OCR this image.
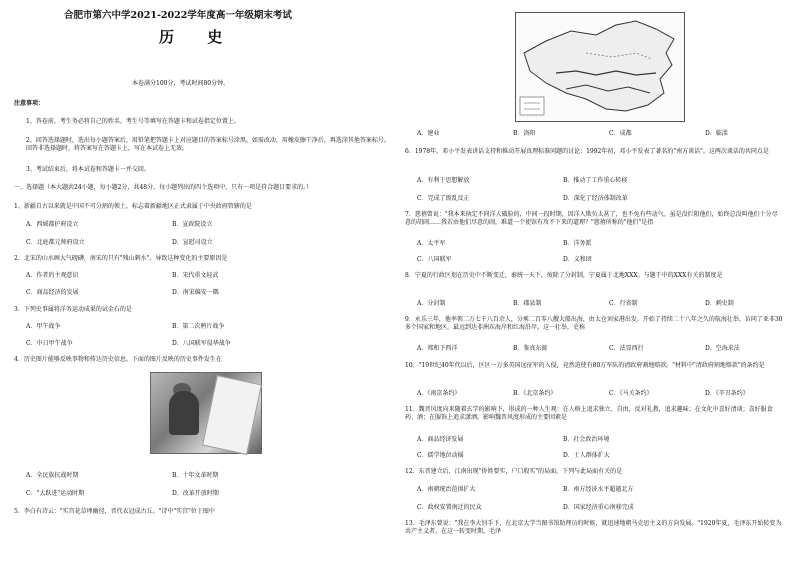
合肥市第六中学2021-2022学年度高一年级期末考试
历 史
本卷满分100分，考试时间80分钟。
注意事项：
1、答卷前，考生务必将自己的姓名、考生号等填写在答题卡和试卷指定位置上。
2、回答选择题时，选出每小题答案后，用铅笔把答题卡上对应题目的答案标号涂黑。如需改动，用橡皮擦干净后，再选涂其他答案标号。回答非选择题时，将答案写在答题卡上，写在本试卷上无效。
3、考试结束后，将本试卷和答题卡一并交回。
一、选择题（本大题共24小题，每小题2分，共48分。每小题列出的四个选项中，只有一项是符合题目要求的。）
1、新疆自古以来就是中国不可分割的领土，标志着新疆地区正式隶属于中央政府管辖的是
A．西域都护府设立	B．宣政院设立
C．北庭都元帅府设立	D．宣慰司设立
2．北宋的山水画大气磅礴，南宋的只有"残山剩水"。导致这种变化的主要原因是
A．作者的主观意识	B．宋代重文轻武
C．商品经济的发展	D．南宋偏安一隅
3．下列史事属将洋务运动成果的试金石的是
A．甲午战争	B．第二次鸦片战争
C．中日甲午战争	D．八国联军侵华战争
4．历史图片能够反映事物和传达历史信息。下面的图片反映的历史事件发生在
A．全民族抗战时期	B．十年文革时期
C．"大跃进"运动时期	D．改革开放时期
5．李白有诗云："实宫花草埋幽径，晋代衣冠成古丘。"诗中"实宫"位于图中
A．建业	B．洛阳	C．成都	D．临淄
6．1978年，邓小平发表讲话支持和推动开展真理标准问题的讨论；1992年初，邓小平发表了著名的"南方谈话"。这两次谈话的共同点是
A．有利于思想解放	B．推动了工作重心转移
C．完成了拨乱反正	D．深化了经济体制改革
7．慈禧曾说："我本来执定不同洋人破脸的，中间一段时期，因洋人欺负太甚了，也不免有些动气。虽是没拦阻他们，始终总没叫他们十分尽意的胡闹……我若由他们尽意的闹，难道一个使馆有攻不下来的道理？"慈禧所称的"他们"是指
A．太平军	B．洋务派
C．八国联军	D．义和团
8．宁夏的行政区划在历史中不断变迁，秦统一天下，废除了分封制，宁夏属于北地XXX。与题干中的XXX有关的制度是
A．分封制	B．郡县制	C．行省制	D．刺史制
9．永乐三年，他率领二万七千八百余人，分乘二百零八艘大船出海，由太仓刘家港出发。开始了持续二十八年之久的航海壮举，访问了亚非30多个国家和地区，最远到达非洲东海岸和红海沿岸。这一壮举，史称
A．郑和下西洋	B．鉴真东渡	C．法显西行	D．空海求法
10．"19世纪40年代以后，区区一万多英国远征军的入侵，竟然迫使有80万军队的清政府割地赔款。"材料中"清政府割地赔款"的条约是
A．《南京条约》	B．《北京条约》	C．《马关条约》	D．《辛丑条约》
11．魏晋风度向来随着玄学的影响下，形成的一种人生观：在人格上追求独立、自由，反对礼教，追求趣味；在文化中喜好清谈；喜好服食药、酒；在服饰上追求潇洒。影响魏晋风度形成的主要因素是
A．商品经济发展	B．社会政治环境
C．儒学地位动摇	D．士人群体扩大
12．东晋建立后，江南出现"侨姓要实，户口殷实"的局面。下列与此局面有关的是
A．南朝统治范围扩大	B．南方经济水平超越北方
C．政权安置南迁的民众	D．国家经济重心南移完成
13．毛泽东曾说："我在李大钊手下，在北京大学当图书馆助理员的时候，就迅速地朝马克思主义的方向发展。"1920年夏，毛泽东开始转变为共产主义者。在这一转变时期，毛泽
